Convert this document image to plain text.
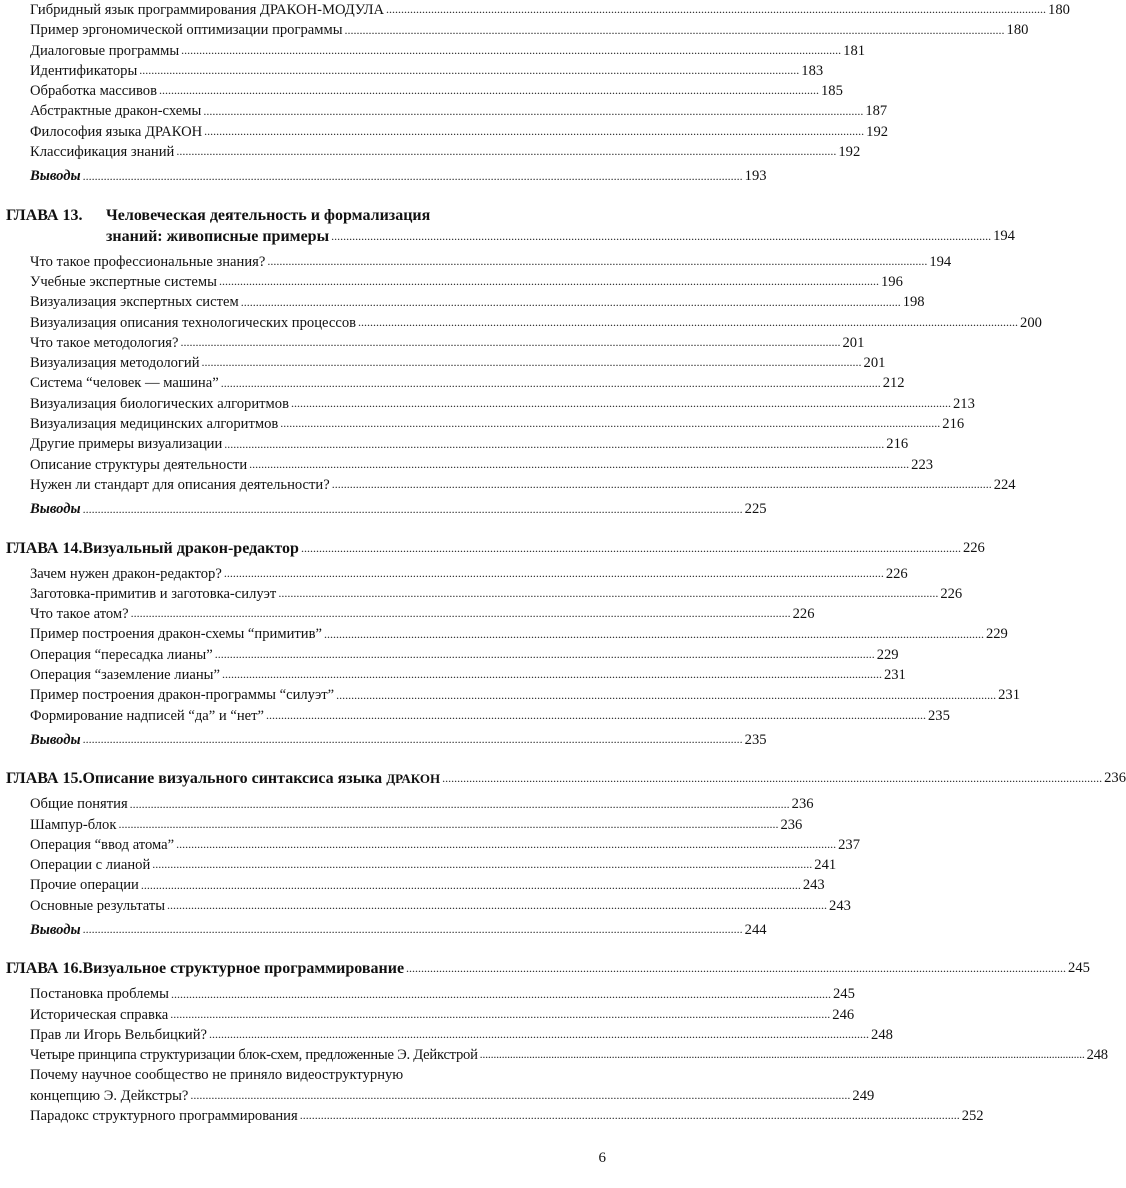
Гибридный язык программирования ДРАКОН-МОДУЛА ............................................................................................................................................................................................................................ 180
Пример эргономической оптимизации программы ............................................................................................................................................................................................................................ 180
Диалоговые программы ............................................................................................................................................................................................................................ 181
Идентификаторы ............................................................................................................................................................................................................................ 183
Обработка массивов ............................................................................................................................................................................................................................ 185
Абстрактные дракон-схемы ............................................................................................................................................................................................................................ 187
Философия языка ДРАКОН ............................................................................................................................................................................................................................ 192
Классификация знаний ............................................................................................................................................................................................................................ 192
Выводы ............................................................................................................................................................................................................................ 193
ГЛАВА 13. Человеческая деятельность и формализация
знаний: живописные примеры ............................................................................................................................................................................................................................ 194
Что такое профессиональные знания? ............................................................................................................................................................................................................................ 194
Учебные экспертные системы ............................................................................................................................................................................................................................ 196
Визуализация экспертных систем ............................................................................................................................................................................................................................ 198
Визуализация описания технологических процессов ............................................................................................................................................................................................................................ 200
Что такое методология? ............................................................................................................................................................................................................................ 201
Визуализация методологий ............................................................................................................................................................................................................................ 201
Система “человек — машина” ............................................................................................................................................................................................................................ 212
Визуализация биологических алгоритмов ............................................................................................................................................................................................................................ 213
Визуализация медицинских алгоритмов ............................................................................................................................................................................................................................ 216
Другие примеры визуализации ............................................................................................................................................................................................................................ 216
Описание структуры деятельности ............................................................................................................................................................................................................................ 223
Нужен ли стандарт для описания деятельности? ............................................................................................................................................................................................................................ 224
Выводы ............................................................................................................................................................................................................................ 225
ГЛАВА 14. Визуальный дракон-редактор ............................................................................................................................................................................................................................ 226
Зачем нужен дракон-редактор? ............................................................................................................................................................................................................................ 226
Заготовка-примитив и заготовка-силуэт ............................................................................................................................................................................................................................ 226
Что такое атом? ............................................................................................................................................................................................................................ 226
Пример построения дракон-схемы “примитив” ............................................................................................................................................................................................................................ 229
Операция “пересадка лианы” ............................................................................................................................................................................................................................ 229
Операция “заземление лианы” ............................................................................................................................................................................................................................ 231
Пример построения дракон-программы “силуэт” ............................................................................................................................................................................................................................ 231
Формирование надписей “да” и “нет” ............................................................................................................................................................................................................................ 235
Выводы ............................................................................................................................................................................................................................ 235
ГЛАВА 15. Описание визуального синтаксиса языка
ДРАКОН ............................................................................................................................................................................................................................ 236
Общие понятия ............................................................................................................................................................................................................................ 236
Шампур-блок ............................................................................................................................................................................................................................ 236
Операция “ввод атома” ............................................................................................................................................................................................................................ 237
Операции с лианой ............................................................................................................................................................................................................................ 241
Прочие операции ............................................................................................................................................................................................................................ 243
Основные результаты ............................................................................................................................................................................................................................ 243
Выводы ............................................................................................................................................................................................................................ 244
ГЛАВА 16. Визуальное структурное программирование ............................................................................................................................................................................................................................ 245
Постановка проблемы ............................................................................................................................................................................................................................ 245
Историческая справка ............................................................................................................................................................................................................................ 246
Прав ли Игорь Вельбицкий? ............................................................................................................................................................................................................................ 248
Четыре принципа структуризации блок-схем, предложенные Э. Дейкстрой ............................................................................................................................................................................................................................ 248
Почему научное сообщество не приняло видеоструктурную
концепцию Э. Дейкстры? ............................................................................................................................................................................................................................ 249
Парадокс структурного программирования ............................................................................................................................................................................................................................ 252
6
